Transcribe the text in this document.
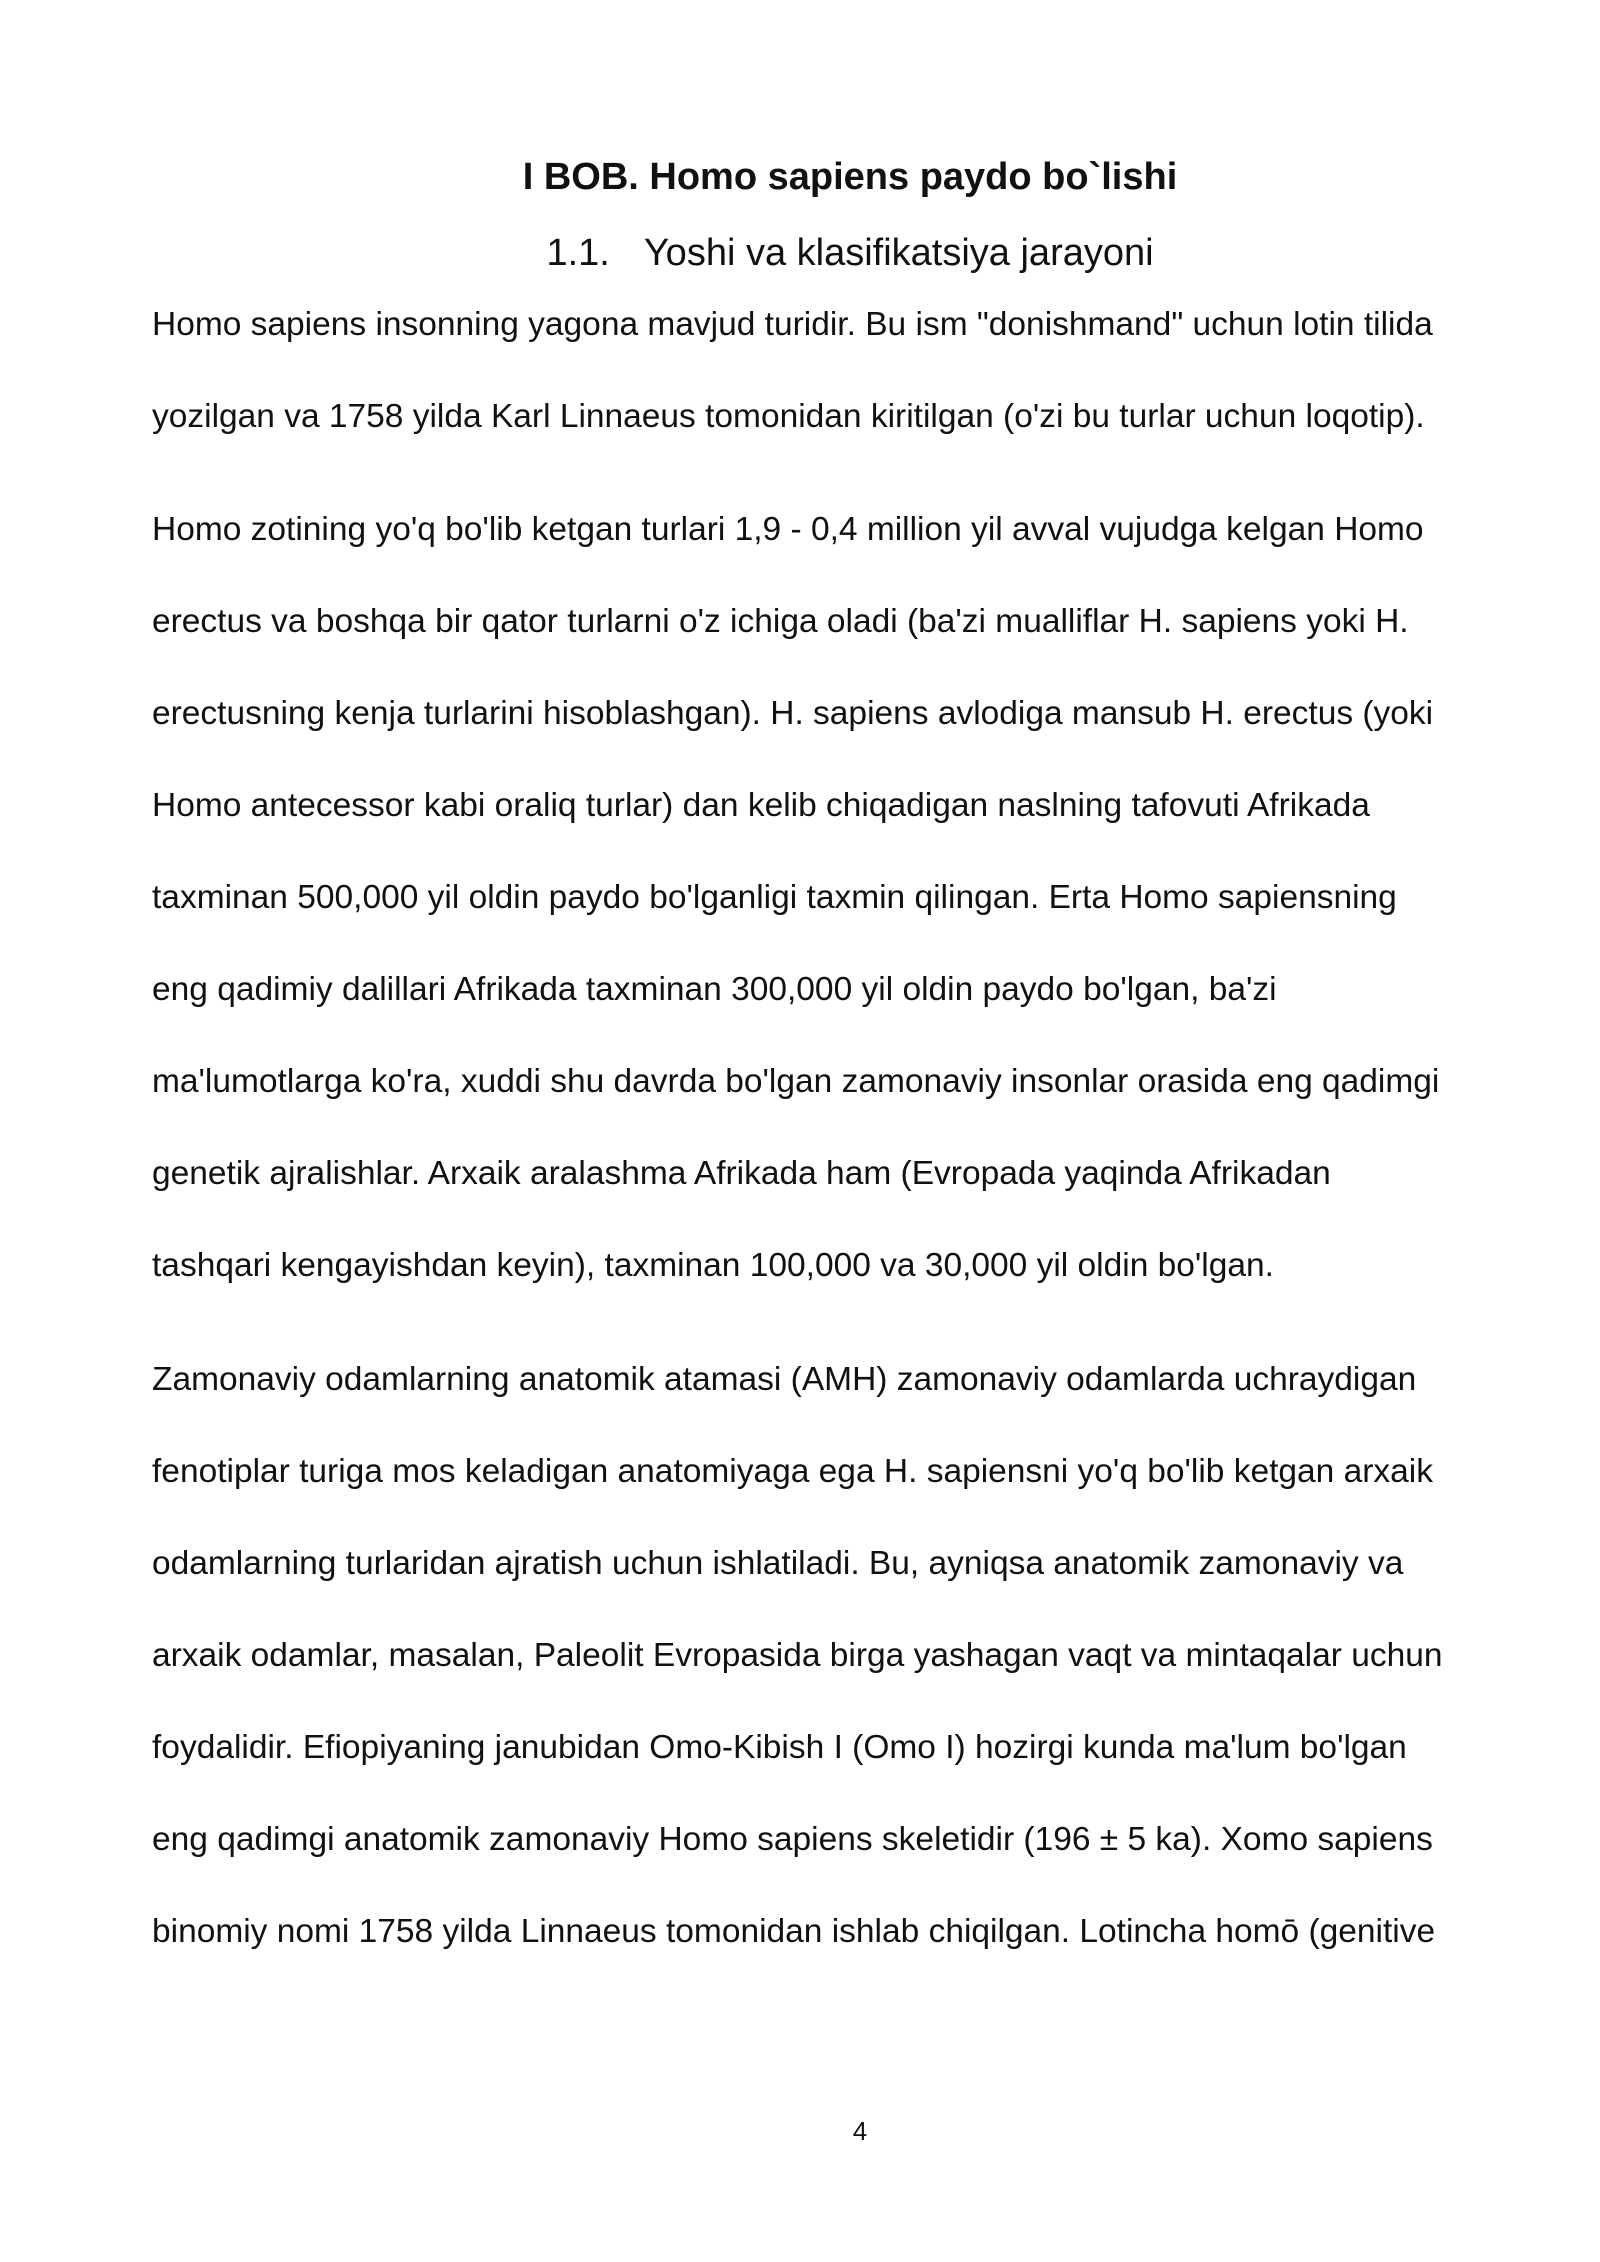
I BOB. Homo sapiens paydo bo`lishi
1.1. Yoshi va klasifikatsiya jarayoni
Homo sapiens insonning yagona mavjud turidir. Bu ism "donishmand" uchun lotin tilida
yozilgan va 1758 yilda Karl Linnaeus tomonidan kiritilgan (o'zi bu turlar uchun loqotip).
Homo zotining yo'q bo'lib ketgan turlari 1,9 - 0,4 million yil avval vujudga kelgan Homo
erectus va boshqa bir qator turlarni o'z ichiga oladi (ba'zi mualliflar H. sapiens yoki H.
erectusning kenja turlarini hisoblashgan). H. sapiens avlodiga mansub H. erectus (yoki
Homo antecessor kabi oraliq turlar) dan kelib chiqadigan naslning tafovuti Afrikada
taxminan 500,000 yil oldin paydo bo'lganligi taxmin qilingan. Erta Homo sapiensning
eng qadimiy dalillari Afrikada taxminan 300,000 yil oldin paydo bo'lgan, ba'zi
ma'lumotlarga ko'ra, xuddi shu davrda bo'lgan zamonaviy insonlar orasida eng qadimgi
genetik ajralishlar. Arxaik aralashma Afrikada ham (Evropada yaqinda Afrikadan
tashqari kengayishdan keyin), taxminan 100,000 va 30,000 yil oldin bo'lgan.
Zamonaviy odamlarning anatomik atamasi (AMH) zamonaviy odamlarda uchraydigan
fenotiplar turiga mos keladigan anatomiyaga ega H. sapiensni yo'q bo'lib ketgan arxaik
odamlarning turlaridan ajratish uchun ishlatiladi. Bu, ayniqsa anatomik zamonaviy va
arxaik odamlar, masalan, Paleolit Evropasida birga yashagan vaqt va mintaqalar uchun
foydalidir. Efiopiyaning janubidan Omo-Kibish I (Omo I) hozirgi kunda ma'lum bo'lgan
eng qadimgi anatomik zamonaviy Homo sapiens skeletidir (196 ± 5 ka). Xomo sapiens
binomiy nomi 1758 yilda Linnaeus tomonidan ishlab chiqilgan. Lotincha homō (genitive
4
